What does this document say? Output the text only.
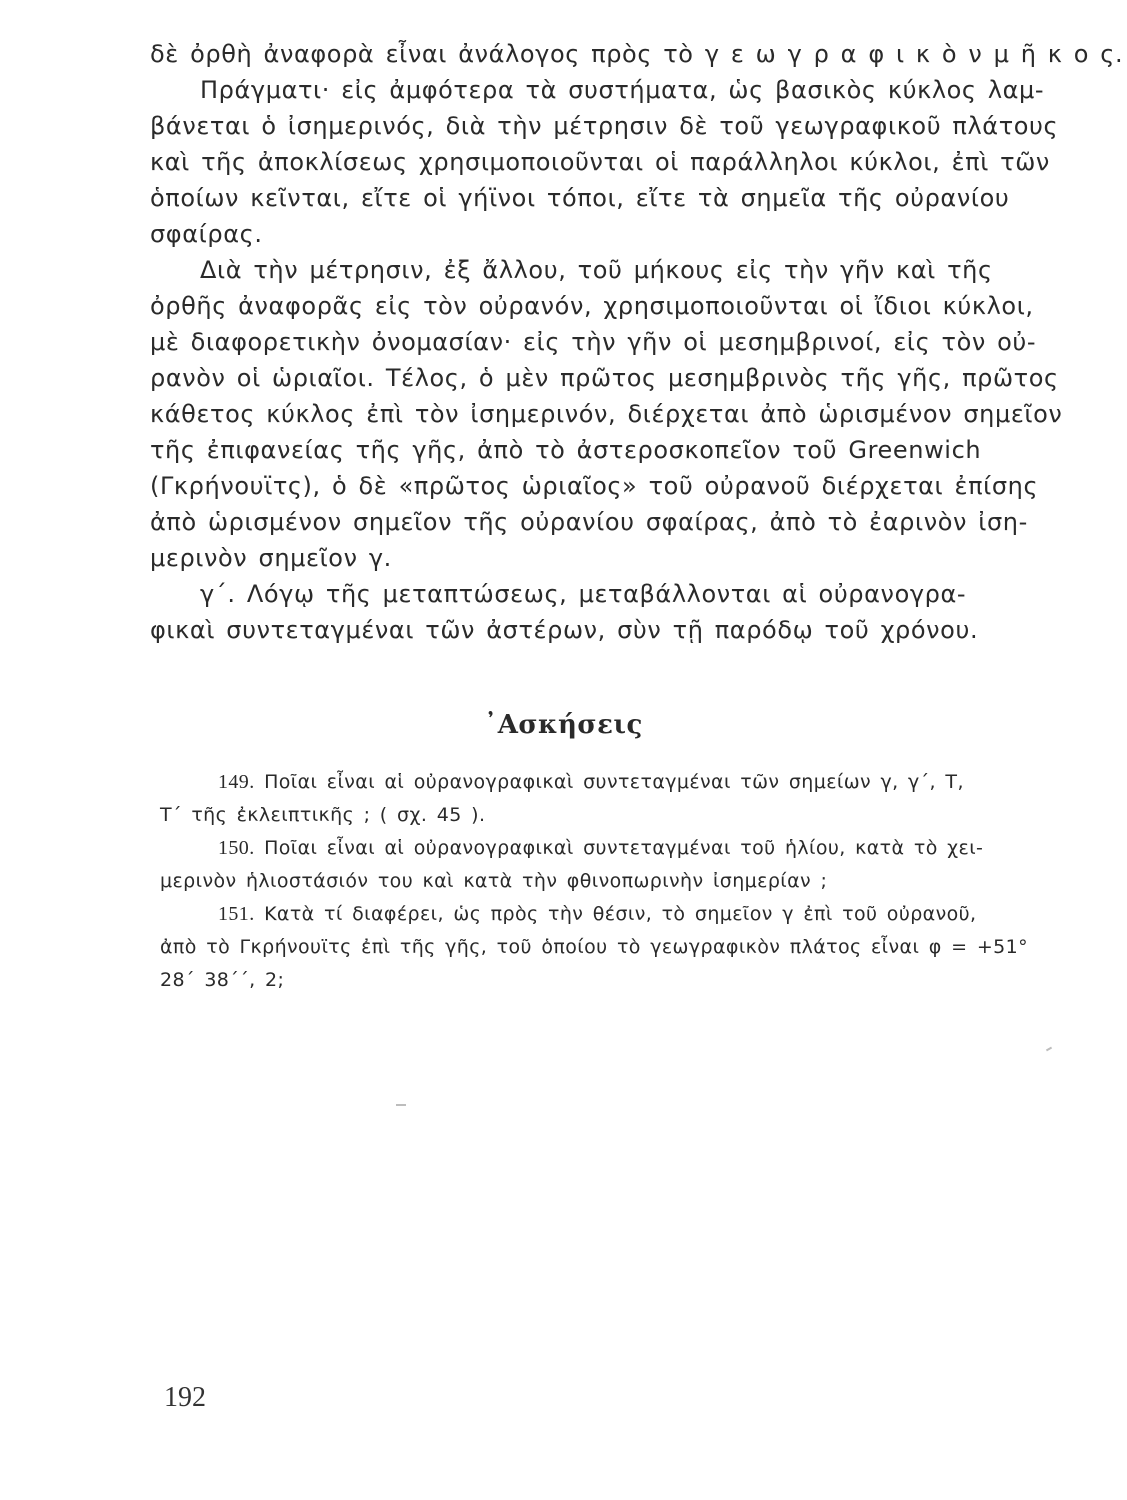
δὲ ὀρθὴ ἀναφορὰ εἶναι ἀνάλογος πρὸς τὸ γ ε ω γ ρ α φ ι κ ὸ ν μ ῆ κ ο ς.
Πράγματι· εἰς ἀμφότερα τὰ συστήματα, ὡς βασικὸς κύκλος λαμ-
βάνεται ὁ ἰσημερινός, διὰ τὴν μέτρησιν δὲ τοῦ γεωγραφικοῦ πλάτους
καὶ τῆς ἀποκλίσεως χρησιμοποιοῦνται οἱ παράλληλοι κύκλοι, ἐπὶ τῶν
ὁποίων κεῖνται, εἴτε οἱ γήϊνοι τόποι, εἴτε τὰ σημεῖα τῆς οὐρανίου
σφαίρας.
Διὰ τὴν μέτρησιν, ἐξ ἄλλου, τοῦ μήκους εἰς τὴν γῆν καὶ τῆς
ὀρθῆς ἀναφορᾶς εἰς τὸν οὐρανόν, χρησιμοποιοῦνται οἱ ἴδιοι κύκλοι,
μὲ διαφορετικὴν ὀνομασίαν· εἰς τὴν γῆν οἱ μεσημβρινοί, εἰς τὸν οὐ-
ρανὸν οἱ ὡριαῖοι. Τέλος, ὁ μὲν πρῶτος μεσημβρινὸς τῆς γῆς, πρῶτος
κάθετος κύκλος ἐπὶ τὸν ἰσημερινόν, διέρχεται ἀπὸ ὡρισμένον σημεῖον
τῆς ἐπιφανείας τῆς γῆς, ἀπὸ τὸ ἀστεροσκοπεῖον τοῦ Greenwich
(Γκρήνουϊτς), ὁ δὲ «πρῶτος ὡριαῖος» τοῦ οὐρανοῦ διέρχεται ἐπίσης
ἀπὸ ὡρισμένον σημεῖον τῆς οὐρανίου σφαίρας, ἀπὸ τὸ ἐαρινὸν ἰση-
μερινὸν σημεῖον γ.
γ΄. Λόγῳ τῆς μεταπτώσεως, μεταβάλλονται αἱ οὐρανογρα-
φικαὶ συντεταγμέναι τῶν ἀστέρων, σὺν τῇ παρόδῳ τοῦ χρόνου.
᾿Ασκήσεις
149. Ποῖαι εἶναι αἱ οὐρανογραφικαὶ συντεταγμέναι τῶν σημείων γ, γ΄, Τ,
Τ΄ τῆς ἐκλειπτικῆς ; ( σχ. 45 ).
150. Ποῖαι εἶναι αἱ οὐρανογραφικαὶ συντεταγμέναι τοῦ ἡλίου, κατὰ τὸ χει-
μερινὸν ἡλιοστάσιόν του καὶ κατὰ τὴν φθινοπωρινὴν ἰσημερίαν ;
151. Κατὰ τί διαφέρει, ὡς πρὸς τὴν θέσιν, τὸ σημεῖον γ ἐπὶ τοῦ οὐρανοῦ,
ἀπὸ τὸ Γκρήνουϊτς ἐπὶ τῆς γῆς, τοῦ ὁποίου τὸ γεωγραφικὸν πλάτος εἶναι φ = +51°
28΄ 38΄΄, 2;
192
